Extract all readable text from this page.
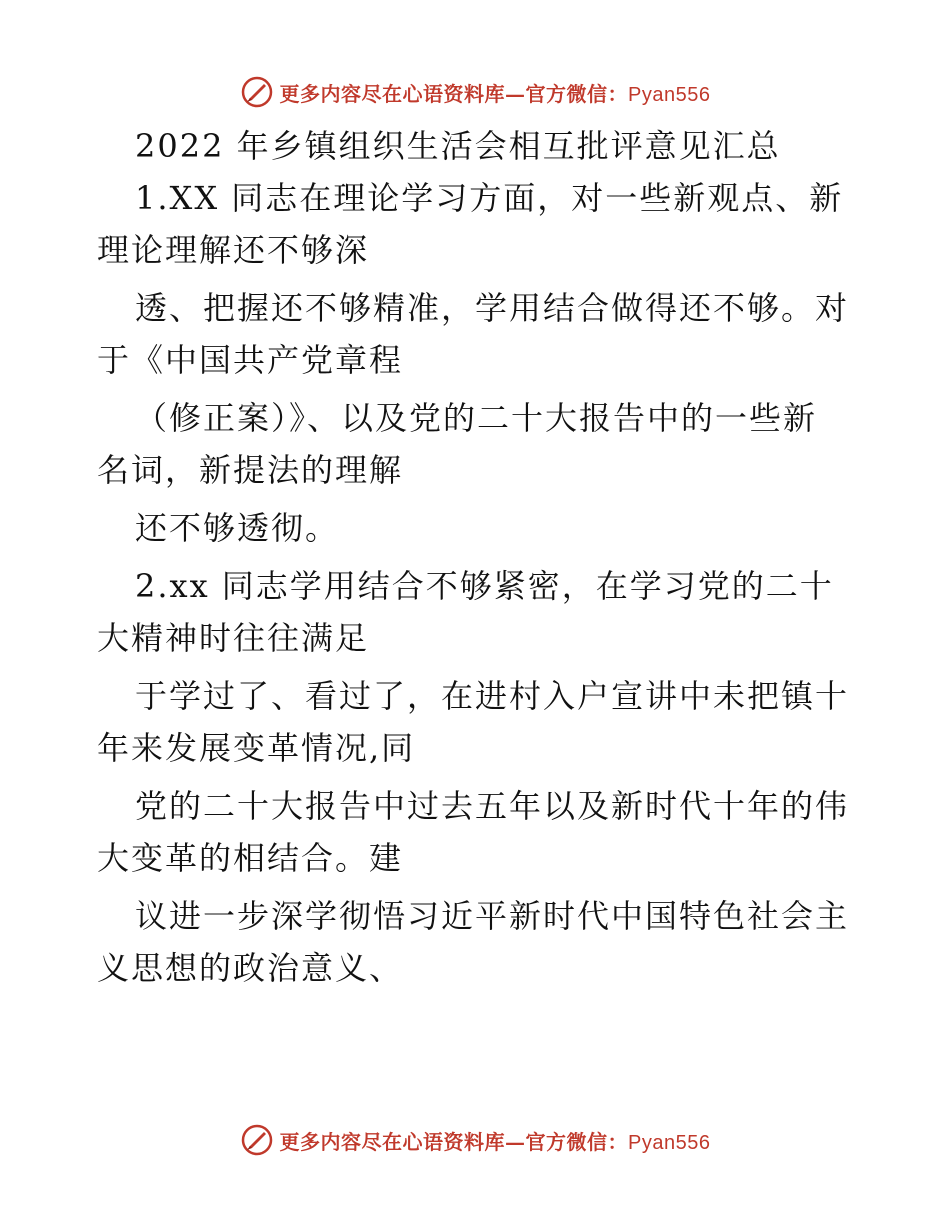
更多内容尽在心语资料库—官方微信：Pyan556
2022 年乡镇组织生活会相互批评意见汇总
1.XX 同志在理论学习方面，对一些新观点、新
理论理解还不够深
透、把握还不够精准，学用结合做得还不够。对
于《中国共产党章程
（修正案）》、以及党的二十大报告中的一些新
名词，新提法的理解
还不够透彻。
2.xx 同志学用结合不够紧密，在学习党的二十
大精神时往往满足
于学过了、看过了，在进村入户宣讲中未把镇十
年来发展变革情况,同
党的二十大报告中过去五年以及新时代十年的伟
大变革的相结合。建
议进一步深学彻悟习近平新时代中国特色社会主
义思想的政治意义、
更多内容尽在心语资料库—官方微信：Pyan556
